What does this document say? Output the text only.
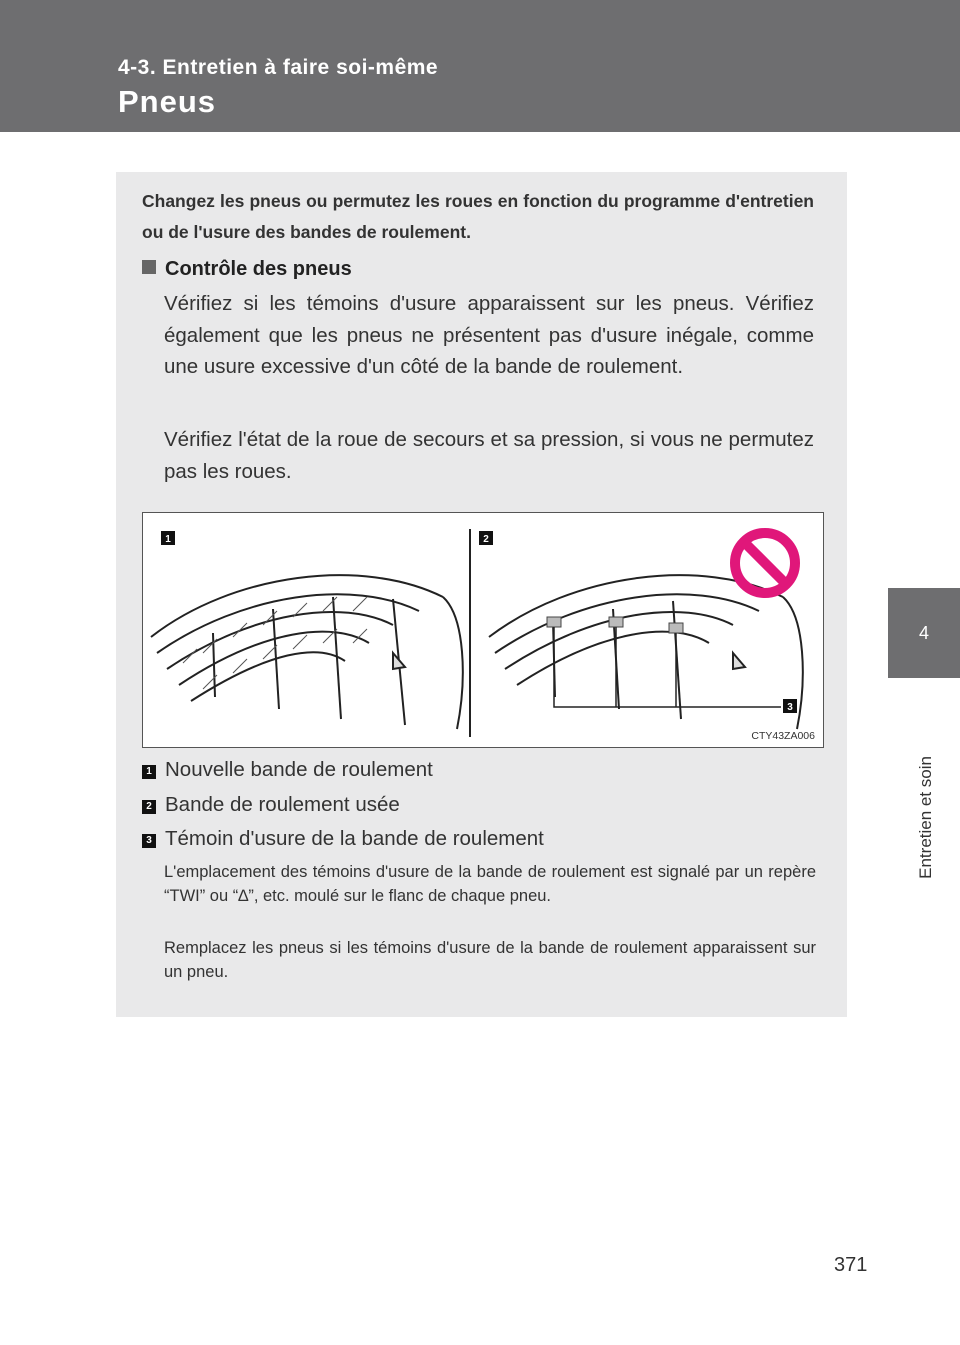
4-3. Entretien à faire soi-même
Pneus
4
Entretien et soin
Changez les pneus ou permutez les roues en fonction du programme d'entretien ou de l'usure des bandes de roulement.
Contrôle des pneus
Vérifiez si les témoins d'usure apparaissent sur les pneus. Vérifiez également que les pneus ne présentent pas d'usure inégale, comme une usure excessive d'un côté de la bande de roulement.
Vérifiez l'état de la roue de secours et sa pression, si vous ne permutez pas les roues.
1	2
3
CTY43ZA006
1 Nouvelle bande de roulement
2 Bande de roulement usée
3 Témoin d'usure de la bande de roulement
L'emplacement des témoins d'usure de la bande de roulement est signalé par un repère “TWI” ou “∆”, etc. moulé sur le flanc de chaque pneu.
Remplacez les pneus si les témoins d'usure de la bande de roulement apparaissent sur un pneu.
371
